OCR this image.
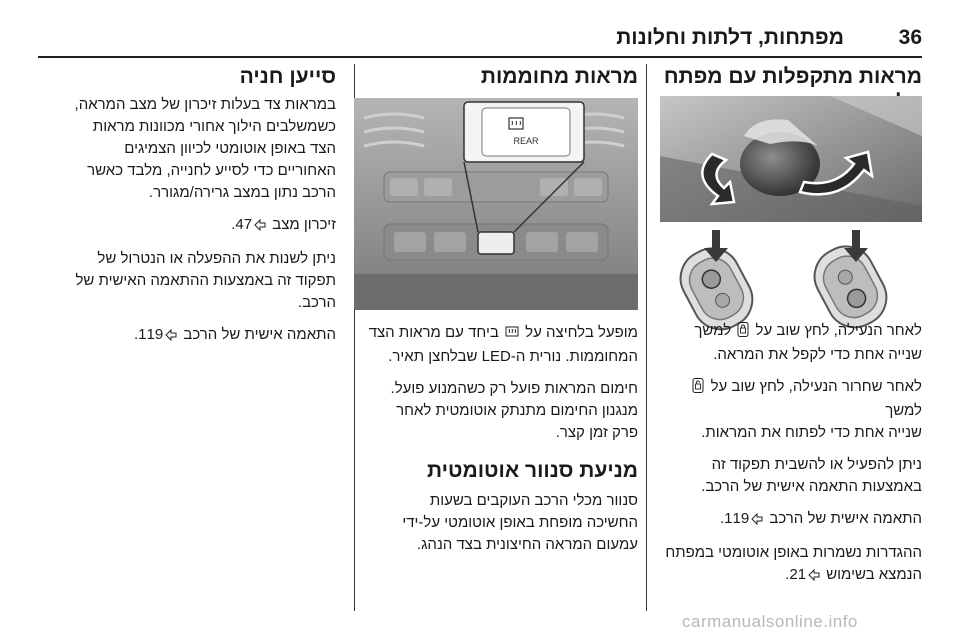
36
מפתחות, דלתות וחלונות
מראות מתקפלות עם מפתח

לאחר הנעילה, לחץ שוב על  למשך

שנייה אחת כדי לקפל את המראה.

לאחר שחרור הנעילה, לחץ שוב על  למשך

שנייה אחת כדי לפתוח את המראות.

ניתן להפעיל או להשבית תפקוד זה

באמצעות התאמה אישית של הרכב.

התאמה אישית של הרכב 119.

ההגדרות נשמרות באופן אוטומטי במפתח

הנמצא בשימוש 21.

מראות מחוממות
REAR

מופעל בלחיצה על  ביחד עם מראות הצד

המחוממות. נורית ה-LED שבלחצן תאיר.

חימום המראות פועל רק כשהמנוע פועל.

מנגנון החימום מתנתק אוטומטית לאחר

פרק זמן קצר.

מניעת סנוור אוטומטית

סנוור מכלי הרכב העוקבים בשעות

החשיכה מופחת באופן אוטומטי על-ידי

עמעום המראה החיצונית בצד הנהג.

סייען חניה

במראות צד בעלות זיכרון של מצב המראה,

כשמשלבים הילוך אחורי מכוונות מראות

הצד באופן אוטומטי לכיוון הצמיגים

האחוריים כדי לסייע לחנייה, מלבד כאשר

הרכב נתון במצב גרירה/מגורר.

זיכרון מצב 47.

ניתן לשנות את ההפעלה או הנטרול של

תפקוד זה באמצעות ההתאמה האישית של

הרכב.

התאמה אישית של הרכב 119.

carmanualsonline.info
